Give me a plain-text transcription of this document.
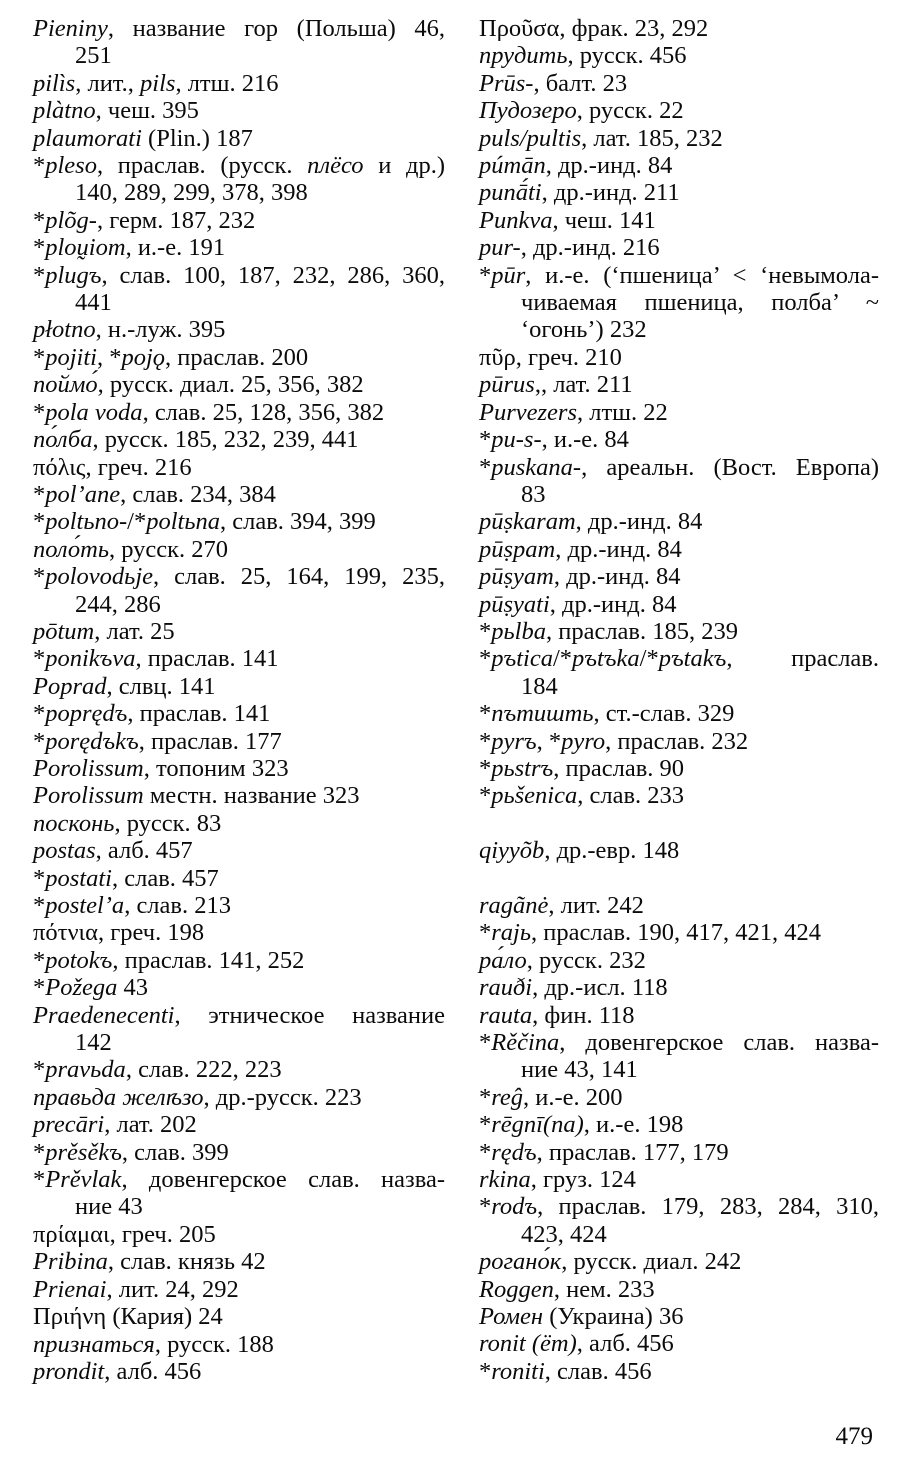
Pieniny, название гор (Польша) 46,
251
pilìs, лит., pils, лтш. 216
plàtno, чеш. 395
plaumorati (Plin.) 187
*pleso, праслав. (русск. плёсо и др.)
140, 289, 299, 378, 398
*plõg-, герм. 187, 232
*ploṵiom, и.-е. 191
*plugъ, слав. 100, 187, 232, 286, 360,
441
płotno, н.-луж. 395
*pojiti, *pojǫ, праслав. 200
поймо́, русск. диал. 25, 356, 382
*pola voda, слав. 25, 128, 356, 382
по́лба, русск. 185, 232, 239, 441
πόλις, греч. 216
*pol’ane, слав. 234, 384
*poltьno-/*poltьna, слав. 394, 399
поло́ть, русск. 270
*polovodьje, слав. 25, 164, 199, 235,
244, 286
pōtum, лат. 25
*ponikъva, праслав. 141
Poprad, слвц. 141
*poprędъ, праслав. 141
*porędъkъ, праслав. 177
Porolissum, топоним 323
Porolissum местн. название 323
посконь, русск. 83
postas, алб. 457
*postati, слав. 457
*postel’a, слав. 213
πότνια, греч. 198
*potokъ, праслав. 141, 252
*Požega 43
Praedenecenti, этническое название
142
*pravьda, слав. 222, 223
правьда желѣзо, др.-русск. 223
precāri, лат. 202
*prěsěkъ, слав. 399
*Prěvlak, довенгерское слав. назва-
ние 43
πρίαμαι, греч. 205
Pribina, слав. князь 42
Prienai, лит. 24, 292
Πριήνη (Кария) 24
признаться, русск. 188
prondit, алб. 456
Προῦσα, фрак. 23, 292
прудить, русск. 456
Prūs-, балт. 23
Пудозеро, русск. 22
puls/pultis, лат. 185, 232
púmān, др.-инд. 84
punā́ti, др.-инд. 211
Punkva, чеш. 141
pur-, др.-инд. 216
*pūr, и.-е. (‘пшеница’ < ‘невымола-
чиваемая пшеница, полба’ ~
‘огонь’) 232
πῦρ, греч. 210
pūrus,, лат. 211
Purvezers, лтш. 22
*pu-s-, и.-е. 84
*puskana-, ареальн. (Вост. Европа)
83
pūṣkaram, др.-инд. 84
pūṣpam, др.-инд. 84
pūṣyam, др.-инд. 84
pūṣyati, др.-инд. 84
*pьlba, праслав. 185, 239
*pъtica/*pъtъka/*pъtakъ, праслав.
184
*пътишть, ст.-слав. 329
*pyrъ, *pyro, праслав. 232
*pьstrъ, праслав. 90
*pьšenica, слав. 233
qiyyõb, др.-евр. 148
ragãnė, лит. 242
*rajь, праслав. 190, 417, 421, 424
ра́ло, русск. 232
rauði, др.-исл. 118
rauta, фин. 118
*Rěčina, довенгерское слав. назва-
ние 43, 141
*reĝ, и.-е. 200
*rēgnī(na), и.-е. 198
*rędъ, праслав. 177, 179
rkina, груз. 124
*rodъ, праслав. 179, 283, 284, 310,
423, 424
рогано́к, русск. диал. 242
Roggen, нем. 233
Ромен (Украина) 36
ronit (ëm), алб. 456
*roniti, слав. 456
479
